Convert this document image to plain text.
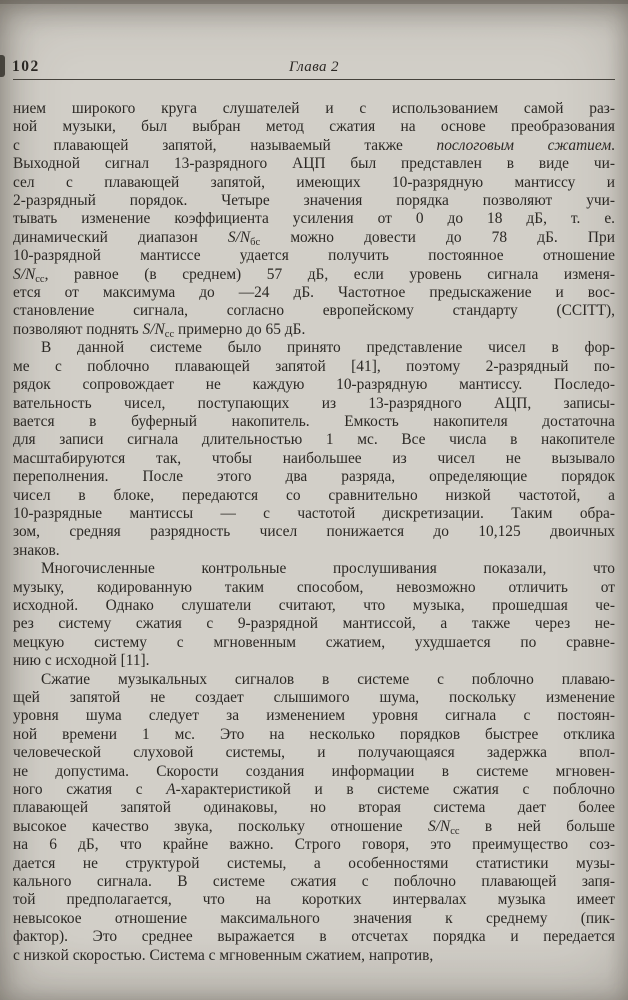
102	Глава 2

нием широкого круга слушателей и с использованием самой раз-
ной музыки, был выбран метод сжатия на основе преобразования
с плавающей запятой, называемый также послоговым сжатием.
Выходной сигнал 13-разрядного АЦП был представлен в виде чи-
сел с плавающей запятой, имеющих 10-разрядную мантиссу и
2-разрядный порядок. Четыре значения порядка позволяют учи-
тывать изменение коэффициента усиления от 0 до 18 дБ, т. е.
динамический диапазон $S/N_{бс}$ можно довести до 78 дБ. При
10-разрядной мантиссе удается получить постоянное отношение
$S/N_{сс}$, равное (в среднем) 57 дБ, если уровень сигнала изменя-
ется от максимума до —24 дБ. Частотное предыскажение и вос-
становление сигнала, согласно европейскому стандарту (CCITT),
позволяют поднять $S/N_{сс}$ примерно до 65 дБ.

В данной системе было принято представление чисел в фор-
ме с поблочно плавающей запятой [41], поэтому 2-разрядный по-
рядок сопровождает не каждую 10-разрядную мантиссу. Последо-
вательность чисел, поступающих из 13-разрядного АЦП, записы-
вается в буферный накопитель. Емкость накопителя достаточна
для записи сигнала длительностью 1 мс. Все числа в накопителе
масштабируются так, чтобы наибольшее из чисел не вызывало
переполнения. После этого два разряда, определяющие порядок
чисел в блоке, передаются со сравнительно низкой частотой, а
10-разрядные мантиссы — с частотой дискретизации. Таким обра-
зом, средняя разрядность чисел понижается до 10,125 двоичных
знаков.

Многочисленные контрольные прослушивания показали, что
музыку, кодированную таким способом, невозможно отличить от
исходной. Однако слушатели считают, что музыка, прошедшая че-
рез систему сжатия с 9-разрядной мантиссой, а также через не-
мецкую систему с мгновенным сжатием, ухудшается по сравне-
нию с исходной [11].

Сжатие музыкальных сигналов в системе с поблочно плаваю-
щей запятой не создает слышимого шума, поскольку изменение
уровня шума следует за изменением уровня сигнала с постоян-
ной времени 1 мс. Это на несколько порядков быстрее отклика
человеческой слуховой системы, и получающаяся задержка впол-
не допустима. Скорости создания информации в системе мгновен-
ного сжатия с А-характеристикой и в системе сжатия с поблочно
плавающей запятой одинаковы, но вторая система дает более
высокое качество звука, поскольку отношение $S/N_{сс}$ в ней больше
на 6 дБ, что крайне важно. Строго говоря, это преимущество соз-
дается не структурой системы, а особенностями статистики музы-
кального сигнала. В системе сжатия с поблочно плавающей запя-
той предполагается, что на коротких интервалах музыка имеет
невысокое отношение максимального значения к среднему (пик-
фактор). Это среднее выражается в отсчетах порядка и передается
с низкой скоростью. Система с мгновенным сжатием, напротив,
